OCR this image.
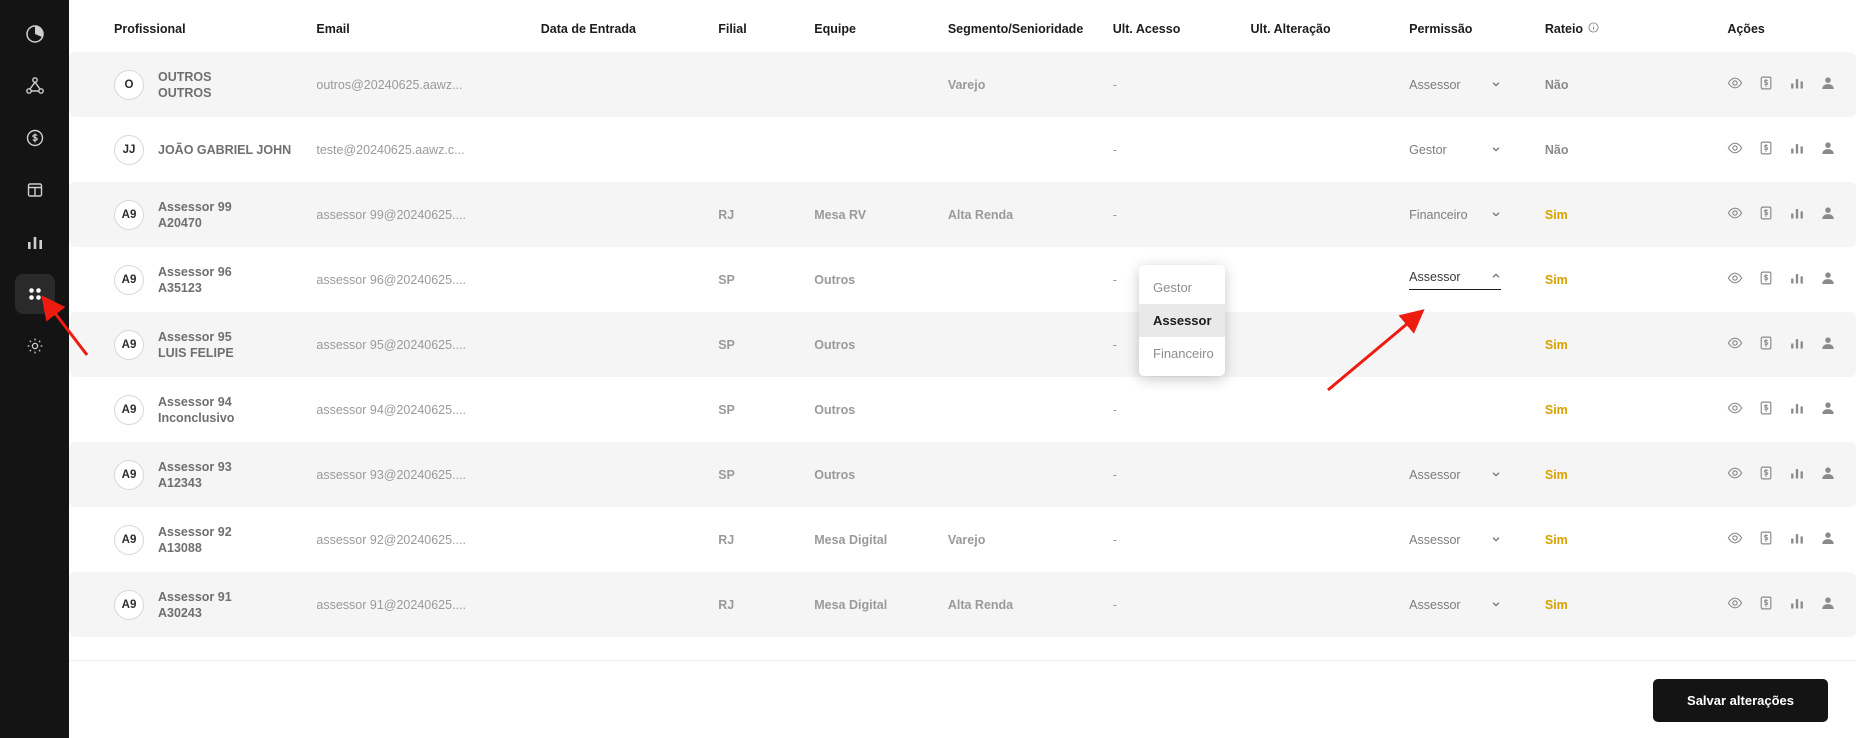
Profissional	Email	Data de Entrada	Filial	Equipe	Segmento/Senioridade	Ult. Acesso	Ult. Alteração	Permissão	Rateio	Ações

O
OUTROS
OUTROS	outros@20240625.aawz...				Varejo	-		Assessor	Não	

JJ JOÃO GABRIEL JOHN	teste@20240625.aawz.c...					-		Gestor	Não	

A9
Assessor 99
A20470	assessor 99@20240625....		RJ	Mesa RV	Alta Renda	-		Financeiro	Sim	

A9
Assessor 96
A35123	assessor 96@20240625....		SP	Outros		-		Assessor	Sim	

A9
Assessor 95
LUIS FELIPE	assessor 95@20240625....		SP	Outros		-			Sim	

A9
Assessor 94
Inconclusivo	assessor 94@20240625....		SP	Outros		-			Sim	

A9
Assessor 93
A12343	assessor 93@20240625....		SP	Outros		-		Assessor	Sim	

A9
Assessor 92
A13088	assessor 92@20240625....		RJ	Mesa Digital	Varejo	-		Assessor	Sim	

A9
Assessor 91
A30243	assessor 91@20240625....		RJ	Mesa Digital	Alta Renda	-		Assessor	Sim	
Gestor
Assessor
Financeiro
Salvar alterações
